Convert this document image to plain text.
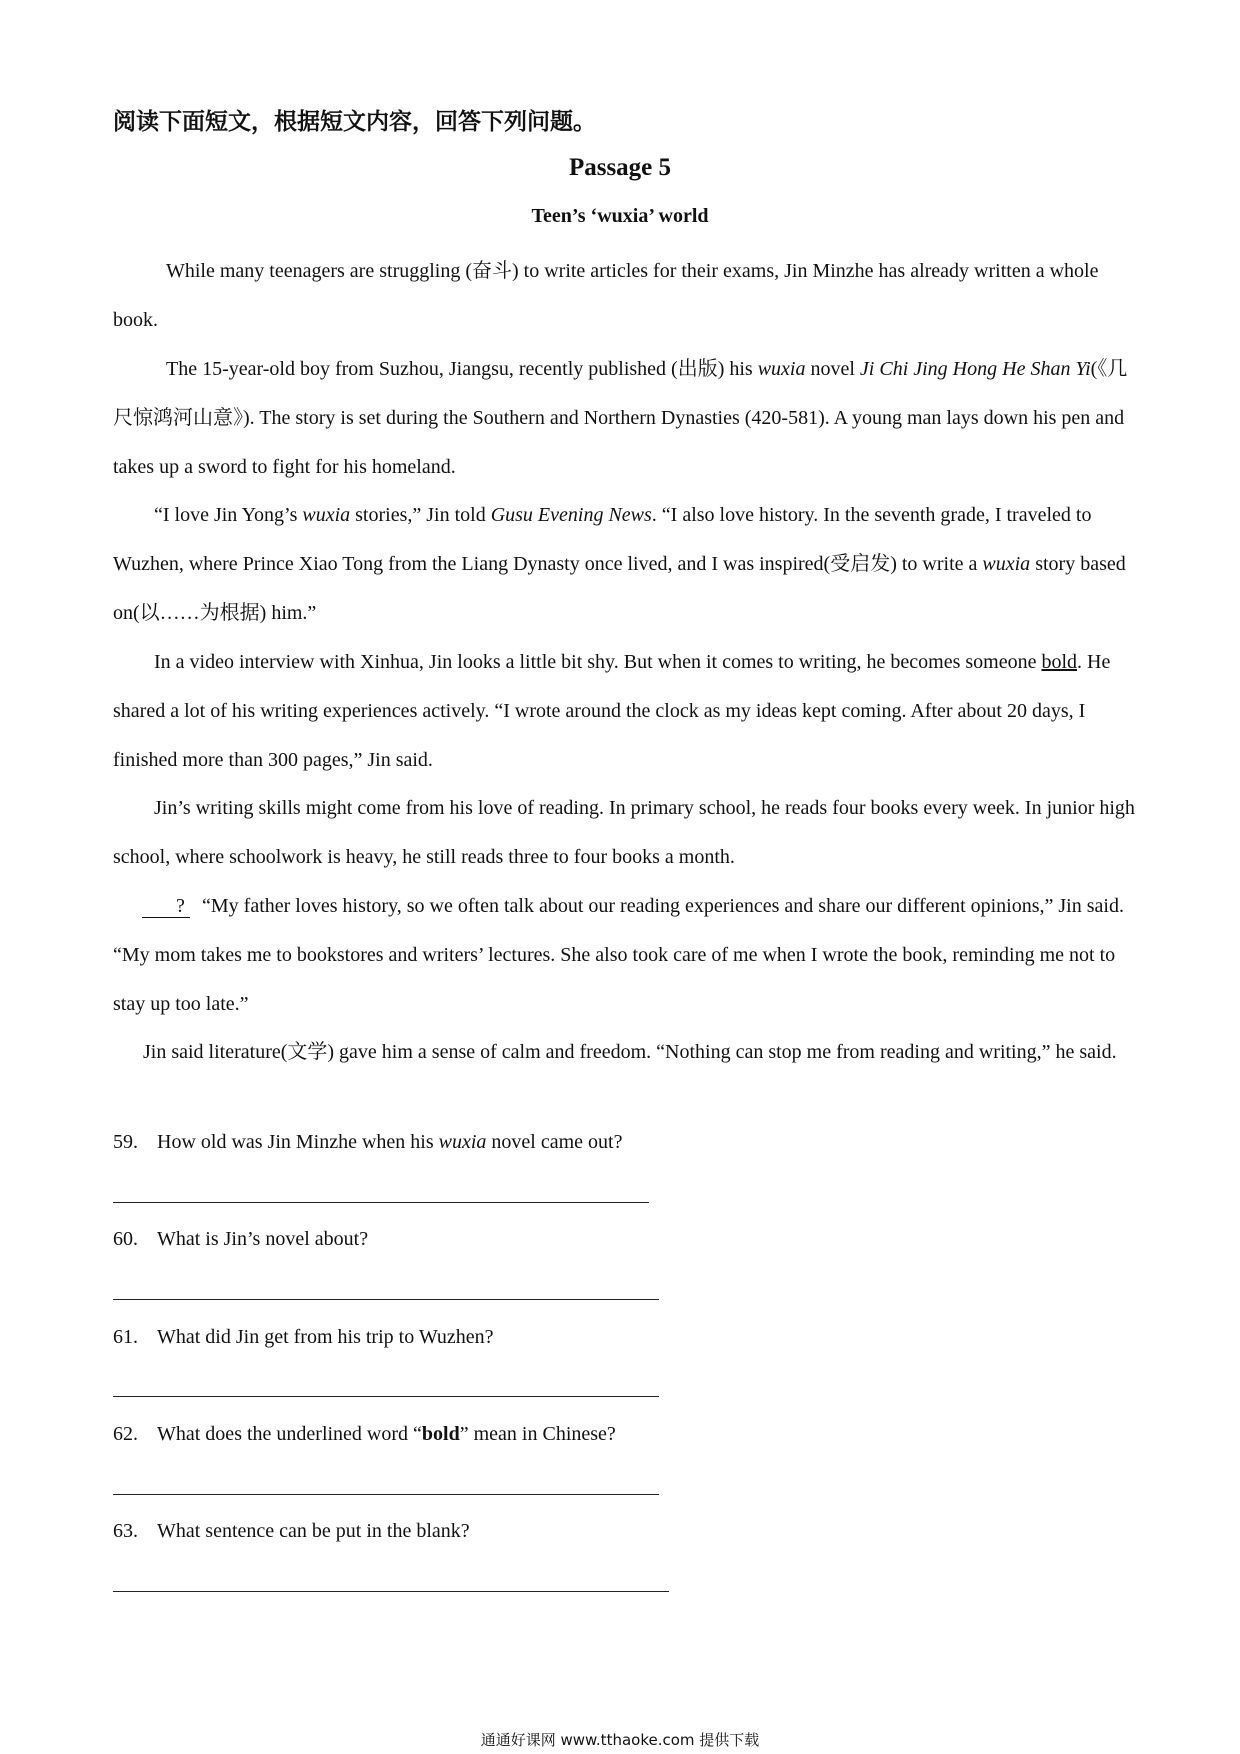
阅读下面短文，根据短文内容，回答下列问题。

Passage 5

Teen’s ‘wuxia’ world

While many teenagers are struggling (奋斗) to write articles for their exams, Jin Minzhe has already written a whole book.

The 15-year-old boy from Suzhou, Jiangsu, recently published (出版) his wuxia novel Ji Chi Jing Hong He Shan Yi(《几尺惊鸿河山意》). The story is set during the Southern and Northern Dynasties (420-581). A young man lays down his pen and takes up a sword to fight for his homeland.

“I love Jin Yong’s wuxia stories,” Jin told Gusu Evening News. “I also love history. In the seventh grade, I traveled to Wuzhen, where Prince Xiao Tong from the Liang Dynasty once lived, and I was inspired(受启发) to write a wuxia story based on(以……为根据) him.”

In a video interview with Xinhua, Jin looks a little bit shy. But when it comes to writing, he becomes someone bold. He shared a lot of his writing experiences actively. “I wrote around the clock as my ideas kept coming. After about 20 days, I finished more than 300 pages,” Jin said.

Jin’s writing skills might come from his love of reading. In primary school, he reads four books every week. In junior high school, where schoolwork is heavy, he still reads three to four books a month.

? “My father loves history, so we often talk about our reading experiences and share our different opinions,” Jin said. “My mom takes me to bookstores and writers’ lectures. She also took care of me when I wrote the book, reminding me not to stay up too late.”

Jin said literature(文学) gave him a sense of calm and freedom. “Nothing can stop me from reading and writing,” he said.

59. How old was Jin Minzhe when his wuxia novel came out?

60. What is Jin’s novel about?

61. What did Jin get from his trip to Wuzhen?

62. What does the underlined word “bold” mean in Chinese?

63. What sentence can be put in the blank?

通通好课网 www.tthaoke.com 提供下载
